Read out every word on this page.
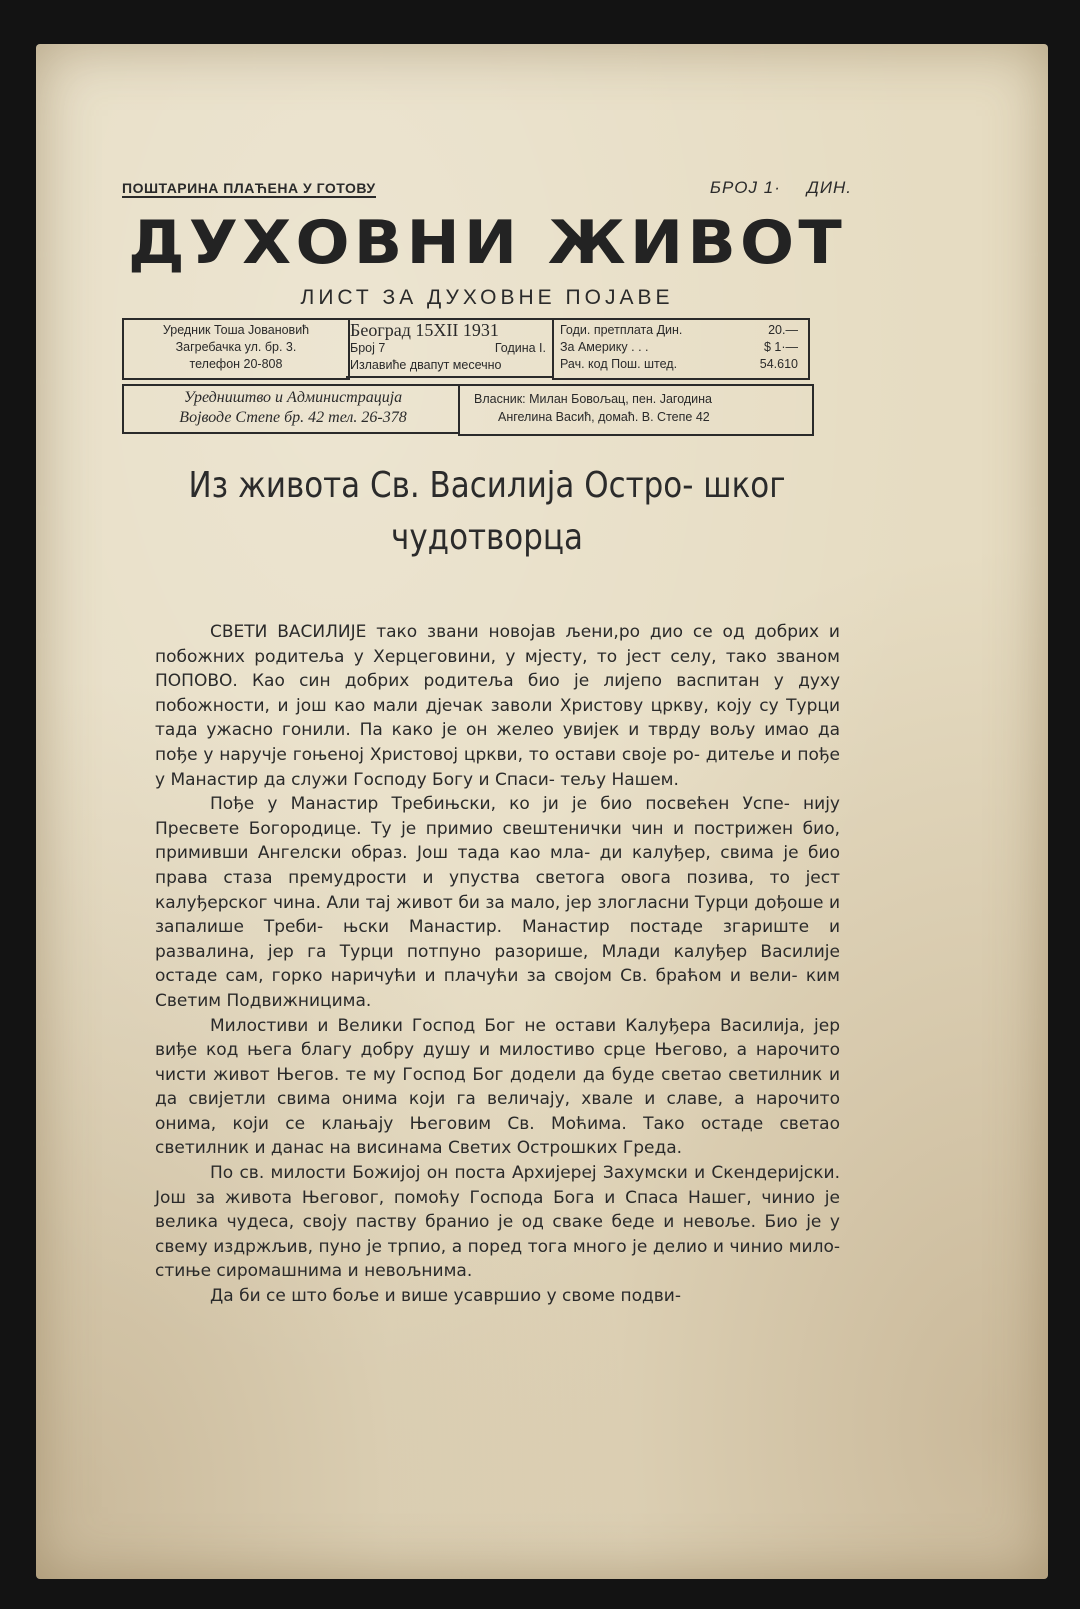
ПОШТАРИНА ПЛАЋЕНА У ГОТОВУ	БРОЈ 1· ДИН.
ДУХОВНИ ЖИВОТ
ЛИСТ ЗА ДУХОВНЕ ПОЈАВЕ
Уредник Тоша Јовановић
Загребачка ул. бр. 3.
телефон 20-808
Београд 15XII 1931
Број 7	Година I.
Излавиће двапут месечно
Годи. претплата Дин.	20.—
За Америку . . .	$ 1·—
Рач. код Пош. штед.	54.610
Уредништво и Администрација
Војводе Степе бр. 42 тел. 26-378
Власник: Милан Бовољац, пен. Јагодина
Ангелина Васић, домаћ. В. Степе 42
Из живота Св. Василија Остро- шког чудотворца

СВЕТИ ВАСИЛИЈЕ тако звани новојав љени,ро дио се од добрих и побожних родитеља у Херцеговини, у мјесту, то јест селу, тако званом ПОПОВО. Као син добрих родитеља био је лијепо васпитан у духу побожности, и још као мали дјечак заволи Христову цркву, коју су Турци тада ужасно гонили. Па како је он желео увијек и тврду вољу имао да пође у наручје гоњеној Христовој цркви, то остави своје ро- дитеље и пође у Манастир да служи Господу Богу и Спаси- тељу Нашем.

Пође у Манастир Требињски, ко ји је био посвећен Успе- нију Пресвете Богородице. Ту је примио свештенички чин и пострижен био, примивши Ангелски образ. Још тада као мла- ди калуђер, свима је био права стаза премудрости и упуства светога овога позива, то јест калуђерског чина. Али тај живот би за мало, јер злогласни Турци дођоше и запалише Треби- њски Манастир. Манастир постаде згариште и развалина, јер га Турци потпуно разорише, Млади калуђер Василије остаде сам, горко наричући и плачући за својом Св. браћом и вели- ким Светим Подвижницима.

Милостиви и Велики Господ Бог не остави Калуђера Василија, јер виђе код њега благу добру душу и милостиво срце Његово, а нарочито чисти живот Његов. те му Господ Бог додели да буде светао светилник и да свијетли свима онима који га величају, хвале и славе, а нарочито онима, који се клањају Његовим Св. Моћима. Тако остаде светао светилник и данас на висинама Светих Острошких Греда.

По св. милости Божијој он поста Архијереј Захумски и Скендеријски. Још за живота Његовог, помоћу Господа Бога и Спаса Нашег, чинио је велика чудеса, своју паству бранио је од сваке беде и невоље. Био је у свему издржљив, пуно је трпио, а поред тога много је делио и чинио мило- стиње сиромашнима и невољнима.

Да би се што боље и више усавршио у своме подви-
